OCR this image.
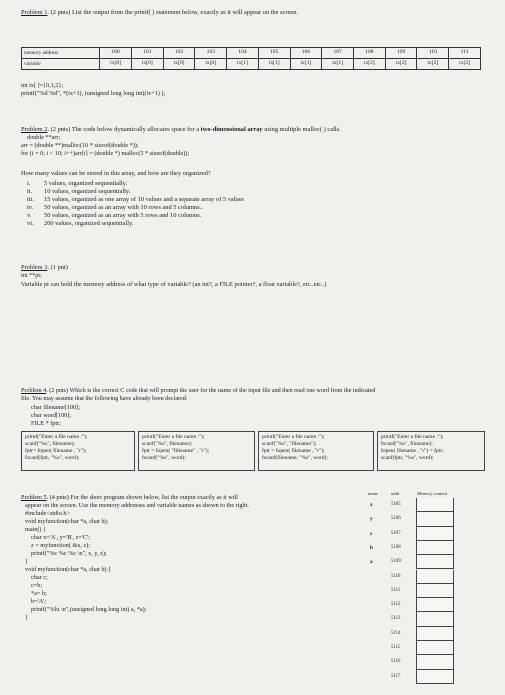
Problem 1. (2 pnts) List the output from the printf( ) statement below, exactly as it will appear on the screen.
memory address	100	101	102	103	104	105	106	107	108	109	110	111
variable	ix[0]	ix[0]	ix[0]	ix[0]	ix[1]	ix[1]	ix[1]	ix[1]	ix[2]	ix[2]	ix[2]	ix[2]
int ix[ ]={0,1,2};
printf("%d %d", *(ix+1), (unsigned long long int)(ix+1) );
Problem 2. (2 pnts) The code below dynamically allocates space for a two-dimensional array using multiple malloc( ) calls.
double **arr;
arr = (double **)malloc(10 * sizeof(double *));
for (i = 0; i < 10; i++)arr[i] = (double *) malloc(5 * sizeof(double));
How many values can be stored in this array, and how are they organized?
i. 5 values, organized sequentially.
ii. 10 values, organized sequentially.
iii. 15 values, organized as one array of 10 values and a separate array of 5 values
iv. 50 values, organized as an array with 10 rows and 5 columns..
v. 50 values, organized as an array with 5 rows and 10 columns.
vi. 200 values, organized sequentially.
Problem 3. (1 pnt)
int **pt;
Variable pt can hold the memory address of what type of variable? (an int?, a FILE pointer?, a float variable?, etc..etc..)
Problem 4. (2 pnts) Which is the correct C code that will prompt the user for the name of the input file and then read one word from the indicated
file. You may assume that the following have already been declared:
char filename[100];
char word[100];
FILE * fptr;
printf("Enter a file name :");
scanf("%s", filename);
fptr= fopen( filename , "r");
fscanf(fptr, "%s", word);
printf("Enter a file name :");
scanf("%s", filename);
fptr = fopen( "filename" , "r");
fscanf("%s", word);
printf("Enter a file name :");
scanf("%s", "filename");
fptr = fopen( filename , "r");
fscanf(filename, "%s", word);
printf("Enter a file name :");
fscanf("%s", filename);
fopen( filename , "r") = fptr;
scanf(fptr, "%s", word);
Problem 5. (4 pnts) For the short program shown below, list the output exactly as it will
appear on the screen. Use the memory addresses and variable names as shown to the right.
#include<stdio.h>
void myfunction(char *a, char b);
main() {
char x='A', y='B', z='C';
z = myfunction( &x, z);
printf("%c %c %c \n", x, y, z);
}
void myfunction(char *a, char b) {
char c;
c=b;
*a= b;
b='A';
printf("%lu \n",(unsigned long long int) a, *a);
}
name	addr	Memory content
x	5105
y	5106
z	5107
b	5108
a	5109
5110
5111
5112
5113
5114
5115
5116
5117
